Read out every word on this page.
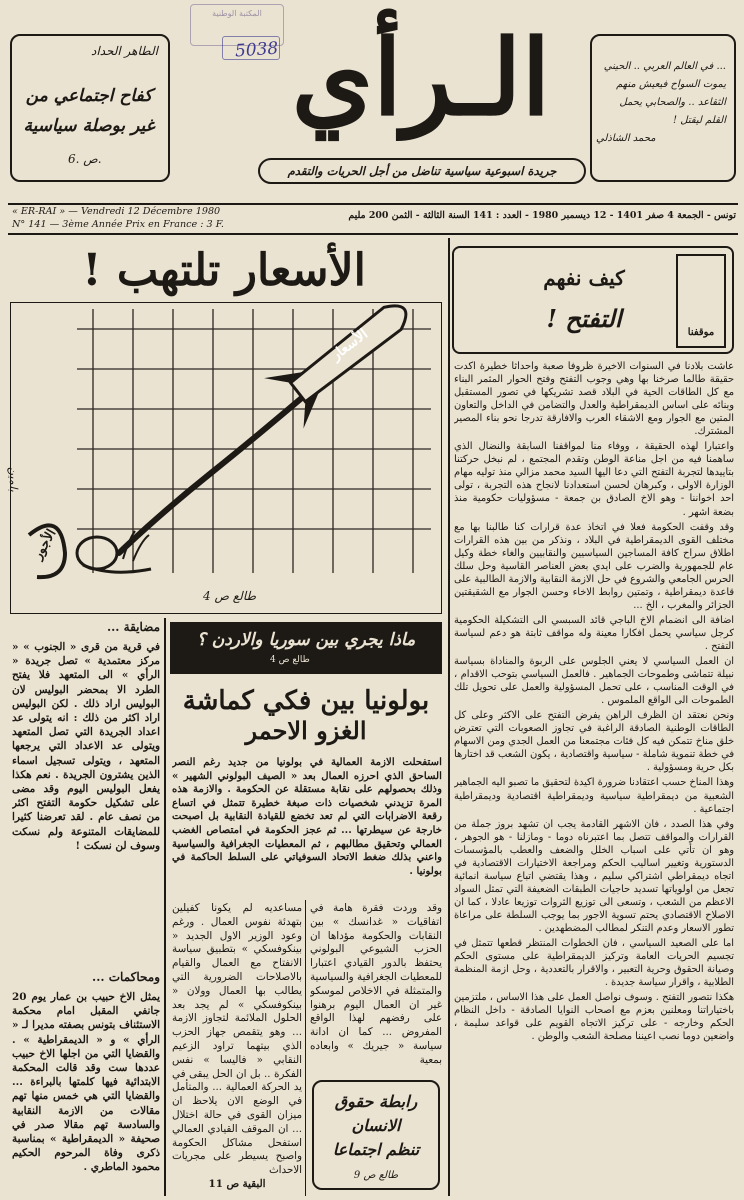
المكتبة الوطنية
5038
الطاهر الحداد
كفاح اجتماعي من
غير بوصلة سياسية
ص .6.
الـرأي
جريدة اسبوعية سياسية تناضل من أجل الحريات والتقدم
... في العالم العربي .. الحيني
يموت السواح فيعيش منهم
الثقاعد .. والصحابي يحمل
القلم ليقتل !
محمد الشاذلي
« ER-RAI » — Vendredi 12 Décembre 1980
N° 141 — 3ème Année Prix en France : 3 F.
تونس - الجمعة 4 صفر 1401 - 12 ديسمبر 1980 - العدد : 141 السنة الثالثة - الثمن 200 مليم
الأسعار تلتهب !
الأسعار
الأجور
بلمين
طالع ص 4
موقفنا
كيف نفهم
التفتح !

عاشت بلادنا في السنوات الاخيرة ظروفا صعبة واحداثا خطيرة اكدت حقيقة طالما صرخنا بها وهي وجوب التفتح وفتح الحوار المثمر البناء مع كل الطاقات الحية في البلاد قصد تشريكها في تصور المستقبل وبنائه على اساس الديمقراطية والعدل والتضامن في الداخل والتعاون المتين مع الجوار ومع الاشقاء العرب والافارقة تدرجا نحو بناء المصير المشترك.

واعتبارا لهذه الحقيقة ، ووفاء منا لمواقفنا السابقة والنضال الذي ساهمنا فيه من اجل مناعة الوطن وتقدم المجتمع ، لم نبخل حركتنا بتاييدها لتجربة التفتح التي دعا اليها السيد محمد مزالي منذ توليه مهام الوزارة الاولى ، وكبرهان لحسن استعدادنا لانجاح هذه التجربة ، تولى احد اخواننا - وهو الاخ الصادق بن جمعة - مسؤوليات حكومية منذ بضعة اشهر .

وقد وقفت الحكومة فعلا في اتخاذ عدة قرارات كنا طالبنا بها مع مختلف القوى الديمقراطية في البلاد ، ونذكر من بين هذه القرارات اطلاق سراح كافة المساجين السياسيين والنقابيين والغاء خطة وكيل عام للجمهورية والضرب على ايدي بعض العناصر القاسية وحل سلك الحرس الجامعي والشروع في حل الازمة النقابية والازمة الطالبية على قاعدة ديمقراطية ، وتمتين روابط الاخاء وحسن الجوار مع الشقيقتين الجزائر والمغرب ، الخ ...

اضافة الى انضمام الاخ الباجي قائد السبسي الى التشكيلة الحكومية كرجل سياسي يحمل افكارا معينة وله مواقف ثابتة هو دعم لسياسة التفتح .

ان العمل السياسي لا يعني الجلوس على الربوة والمناداة بسياسة نبيلة تتماشى وطموحات الجماهير . فالعمل السياسي بتوحب الاقدام ، في الوقت المناسب ، على تحمل المسؤولية والعمل على تحويل تلك الطموحات الى الواقع الملموس .

ونحن نعتقد ان الظرف الراهن يفرض التفتح على الاكثر وعلى كل الطاقات الوطنية الصادقة الراغبة في تجاوز الصعوبات التي تعترض خلق مناخ تتمكن فيه كل فئات مجتمعنا من العمل الجدي ومن الاسهام في خطة تنموية شاملة - سياسية واقتصادية ، يكون الشعب قد اختارها بكل حرية ومسؤولية .

وهذا المناخ حسب اعتقادنا ضرورة اكيدة لتحقيق ما تصبو اليه الجماهير الشعبية من ديمقراطية سياسية وديمقراطية اقتصادية وديمقراطية اجتماعية .

وفي هذا الصدد ، فان الاشهر القادمة يجب ان تشهد بروز جملة من القرارات والمواقف تتصل بما اعتبرناه دوما - ومازلنا - هو الجوهر ، وهو ان تأتي على اسباب الخلل والضعف والعطب بالمؤسسات الدستورية وتغيير اساليب الحكم ومراجعة الاختيارات الاقتصادية في اتجاه ديمقراطي اشتراكي سليم ، وهذا يقتضي اتباع سياسة انمائية تجعل من اولوياتها تسديد حاجيات الطبقات الضعيفة التي تمثل السواد الاعظم من الشعب ، وتسعى الى توزيع الثروات توزيعا عادلا ، كما ان الاصلاح الاقتصادي يحتم تسوية الاجور بما يوجب السلطة على مراعاة تطور الاسعار وعدم التنكر لمطالب المضطهدين .

اما على الصعيد السياسي ، فان الخطوات المنتظر قطعها تتمثل في تجسيم الحريات العامة وتركيز الديمقراطية على مستوى الحكم وصيانة الحقوق وحرية التعبير ، والاقرار بالتعددية ، وحل ازمة المنظمة الطلابية ، واقرار سياسة جديدة .

هكذا نتصور التفتح . وسوف نواصل العمل على هذا الاساس ، ملتزمين باختياراتنا ومعلنين بعزم مع اصحاب النوايا الصادقة - داخل النظام الحكم وخارجه - على تركيز الاتجاه القويم على قواعد سليمة ، واضعين دوما نصب اعيننا مصلحة الشعب والوطن .

مضايقة ...
في قرية من قرى « الجنوب » « مركز معتمدية » تصل جريدة « الرأي » الى المتعهد فلا يفتح الطرد الا بمحضر البوليس لان البوليس اراد ذلك . لكن البوليس اراد اكثر من ذلك : انه يتولى عد اعداد الجريدة التي تصل المتعهد ويتولى عد الاعداد التي يرجعها المتعهد ، ويتولى تسجيل اسماء الذين يشترون الجريدة . نعم هكذا يفعل البوليس اليوم وقد مضى على تشكيل حكومة التفتح اكثر من نصف عام . لقد تعرضنا كثيرا للمضايقات المتنوعة ولم نسكت وسوف لن نسكت !
ومحاكمات ...
يمثل الاخ حبيب بن عمار يوم 20 جانفي المقبل امام محكمة الاستئناف بتونس بصفته مديرا لـ « الرأي » و « الديمقراطية » . والقضايا التي من اجلها الاخ حبيب عددها ست وقد قالت المحكمة الابتدائية فيها كلمتها بالبراءة ... والقضايا التي هي خمس منها تهم مقالات من الازمة النقابية والسادسة تهم مقالا صدر في صحيفة « الديمقراطية » بمناسبة ذكرى وفاة المرحوم الحكيم محمود الماطري .
ماذا يجري بين سوريا والاردن ؟
طالع ص 4
بولونيا بين فكي كماشة
الغزو الاحمر
استفحلت الازمة العمالية في بولونيا من جديد رغم النصر الساحق الذي احرزه العمال بعد « الصيف البولوني الشهير » وذلك بحصولهم على نقابة مستقلة عن الحكومة . والازمة هذه المرة تزيدني شخصيات ذات صبغة خطيرة تتمثل في اتساع رقعة الاضرابات التي لم تعد تخضع للقيادة النقابية بل اصبحت خارجة عن سيطرتها ... ثم عجز الحكومة في امتصاص الغضب العمالي وتحقيق مطالبهم ، ثم المعطيات الجغرافية والسياسية واعني بذلك ضغط الاتحاد السوفياتي على السلط الحاكمة في بولونيا .
وقد وردت فقرة هامة في اتفاقيات « غدانسك » بين النقابات والحكومة مؤداها ان الحزب الشيوعي البولوني يحتفظ بالدور القيادي اعتبارا للمعطيات الجغرافية والسياسية والمتمثلة في الاخلاص لموسكو غير ان العمال اليوم برهنوا على رفضهم لهذا الواقع المفروض ... كما ان ادانة سياسة « جيريك » وابعاده بمعية
مساعديه لم يكونا كفيلين بتهدئة نفوس العمال . ورغم وعود الوزير الاول الجديد « بينكوفسكي » بتطبيق سياسة الانفتاح مع العمال والقيام بالاصلاحات الضرورية التي يطالب بها العمال وولان « بينكوفسكي » لم يجد بعد الحلول الملائمة لتجاوز الازمة ... وهو يتقمص جهاز الحزب الذي بيتهما تراود الزعيم النقابي « فاليسا » نفس الفكرة .. بل ان الحل يبقى في يد الحركة العمالية ... والمتأمل في الوضع الان يلاحظ ان ميزان القوى في حالة اختلال ... ان الموقف القيادي العمالي استفحل مشاكل الحكومة واصبح يسيطر على مجريات الاحداث
البقية ص 11
رابطة حقوق
الانسان
تنظم اجتماعا
طالع ص 9
